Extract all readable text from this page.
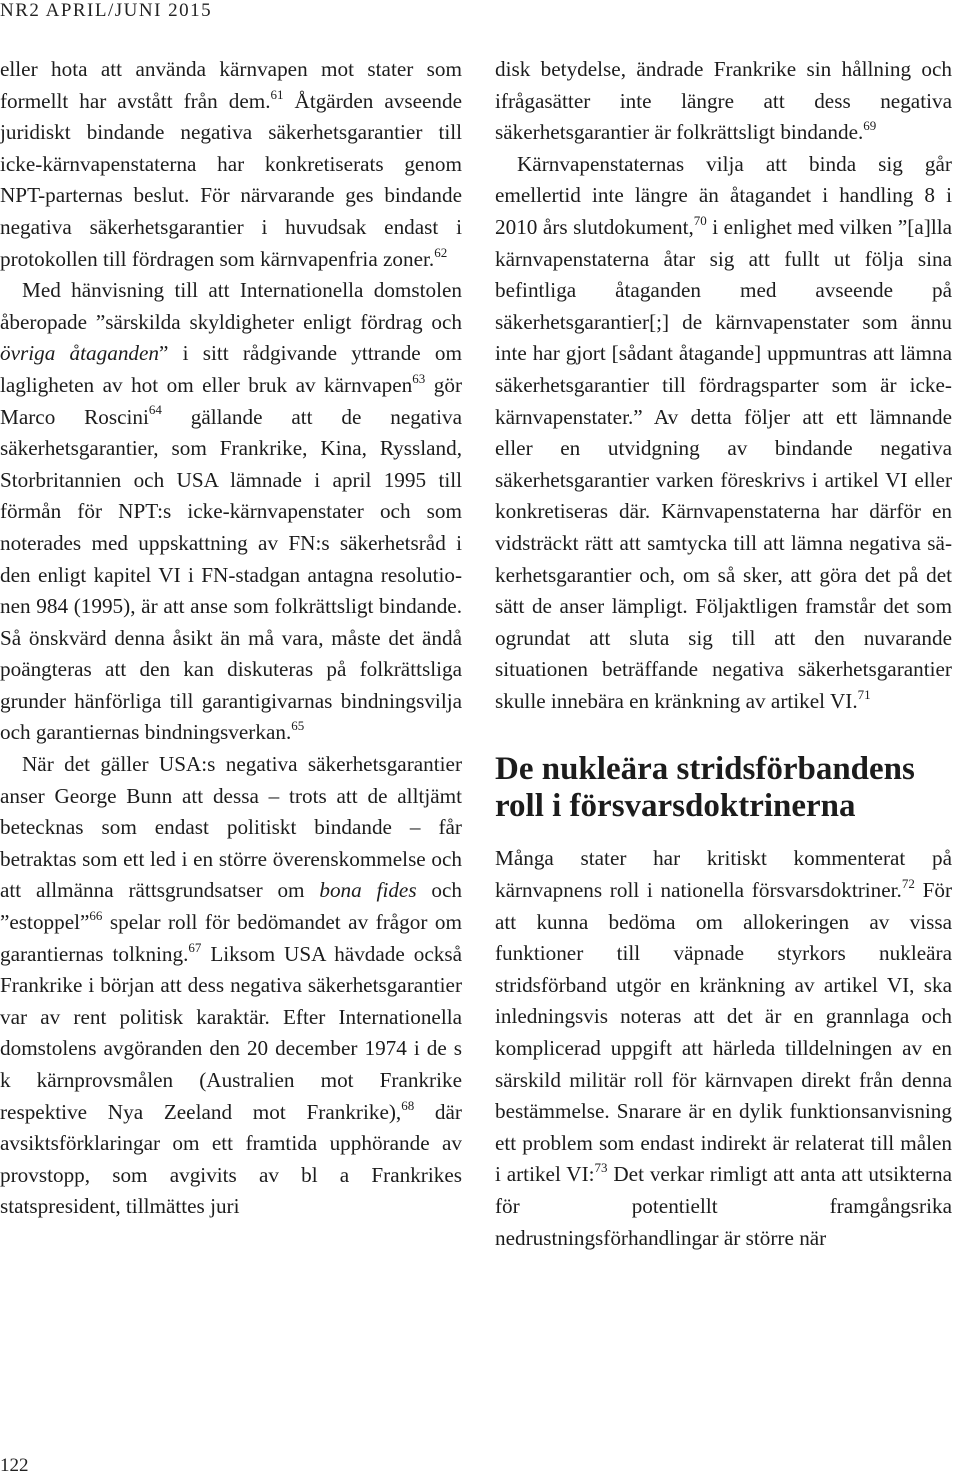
NR2 APRIL/JUNI 2015

eller hota att använda kärnvapen mot stater som formellt har avstått från dem.$^{61}$ Åtgärden avseende juridiskt bindande negativa säkerhetsgarantier till icke-kärnvapenstaterna har konkretiserats genom NPT-parternas beslut. För närvarande ges bindande negativa säkerhetsgarantier i huvudsak endast i protokollen till fördragen som kärnvapenfria zoner.$^{62}$

Med hänvisning till att Internationella domstolen åberopade ”särskilda skyldigheter enligt fördrag och övriga åtaganden” i sitt rådgivande yttrande om lagligheten av hot om eller bruk av kärnvapen$^{63}$ gör Marco Roscini$^{64}$ gällande att de negativa säkerhetsgarantier, som Frankrike, Kina, Ryssland, Storbritannien och USA lämnade i april 1995 till förmån för NPT:s icke-kärnvapenstater och som noterades med uppskattning av FN:s säkerhetsråd i den enligt kapitel VI i FN-stadgan antagna resolutionen 984 (1995), är att anse som folkrättsligt bindande. Så önskvärd denna åsikt än må vara, måste det ändå poängteras att den kan diskuteras på folkrättsliga grunder hänförliga till garantigivarnas bindningsvilja och garantiernas bindningsverkan.$^{65}$

När det gäller USA:s negativa säkerhetsgarantier anser George Bunn att dessa – trots att de alltjämt betecknas som endast politiskt bindande – får betraktas som ett led i en större överenskommelse och att allmänna rättsgrundsatser om bona fides och ”estoppel”$^{66}$ spelar roll för bedömandet av frågor om garantiernas tolkning.$^{67}$ Liksom USA hävdade också Frankrike i början att dess negativa säkerhetsgarantier var av rent politisk karaktär. Efter Internationella domstolens avgöranden den 20 december 1974 i de s k kärnprovsmålen (Australien mot Frankrike respektive Nya Zeeland mot Frankrike),$^{68}$ där avsiktsförklaringar om ett framtida upphörande av provstopp, som avgivits av bl a Frankrikes statspresident, tillmättes juri

disk betydelse, ändrade Frankrike sin hållning och ifrågasätter inte längre att dess negativa säkerhetsgarantier är folkrättsligt bindande.$^{69}$

Kärnvapenstaternas vilja att binda sig går emellertid inte längre än åtagandet i handling 8 i 2010 års slutdokument,$^{70}$ i enlighet med vilken ”[a]lla kärnvapenstaterna åtar sig att fullt ut följa sina befintliga åtaganden med avseende på säkerhetsgarantier[;] de kärnvapenstater som ännu inte har gjort [sådant åtagande] uppmuntras att lämna säkerhetsgarantier till fördragsparter som är icke-kärnvapenstater.” Av detta följer att ett lämnande eller en utvidgning av bindande negativa säkerhetsgarantier varken föreskrivs i artikel VI eller konkretiseras där. Kärnvapenstaterna har därför en vidsträckt rätt att samtycka till att lämna negativa säkerhetsgarantier och, om så sker, att göra det på det sätt de anser lämpligt. Följaktligen framstår det som ogrundat att sluta sig till att den nuvarande situationen beträffande negativa säkerhetsgarantier skulle innebära en kränkning av artikel VI.$^{71}$

De nukleära stridsförbandens roll i försvarsdoktrinerna

Många stater har kritiskt kommenterat på kärnvapnens roll i nationella försvarsdoktriner.$^{72}$ För att kunna bedöma om allokeringen av vissa funktioner till väpnade styrkors nukleära stridsförband utgör en kränkning av artikel VI, ska inledningsvis noteras att det är en grannlaga och komplicerad uppgift att härleda tilldelningen av en särskild militär roll för kärnvapen direkt från denna bestämmelse. Snarare är en dylik funktionsanvisning ett problem som endast indirekt är relaterat till målen i artikel VI:$^{73}$ Det verkar rimligt att anta att utsikterna för potentiellt framgångsrika nedrustningsförhandlingar är större när

122
